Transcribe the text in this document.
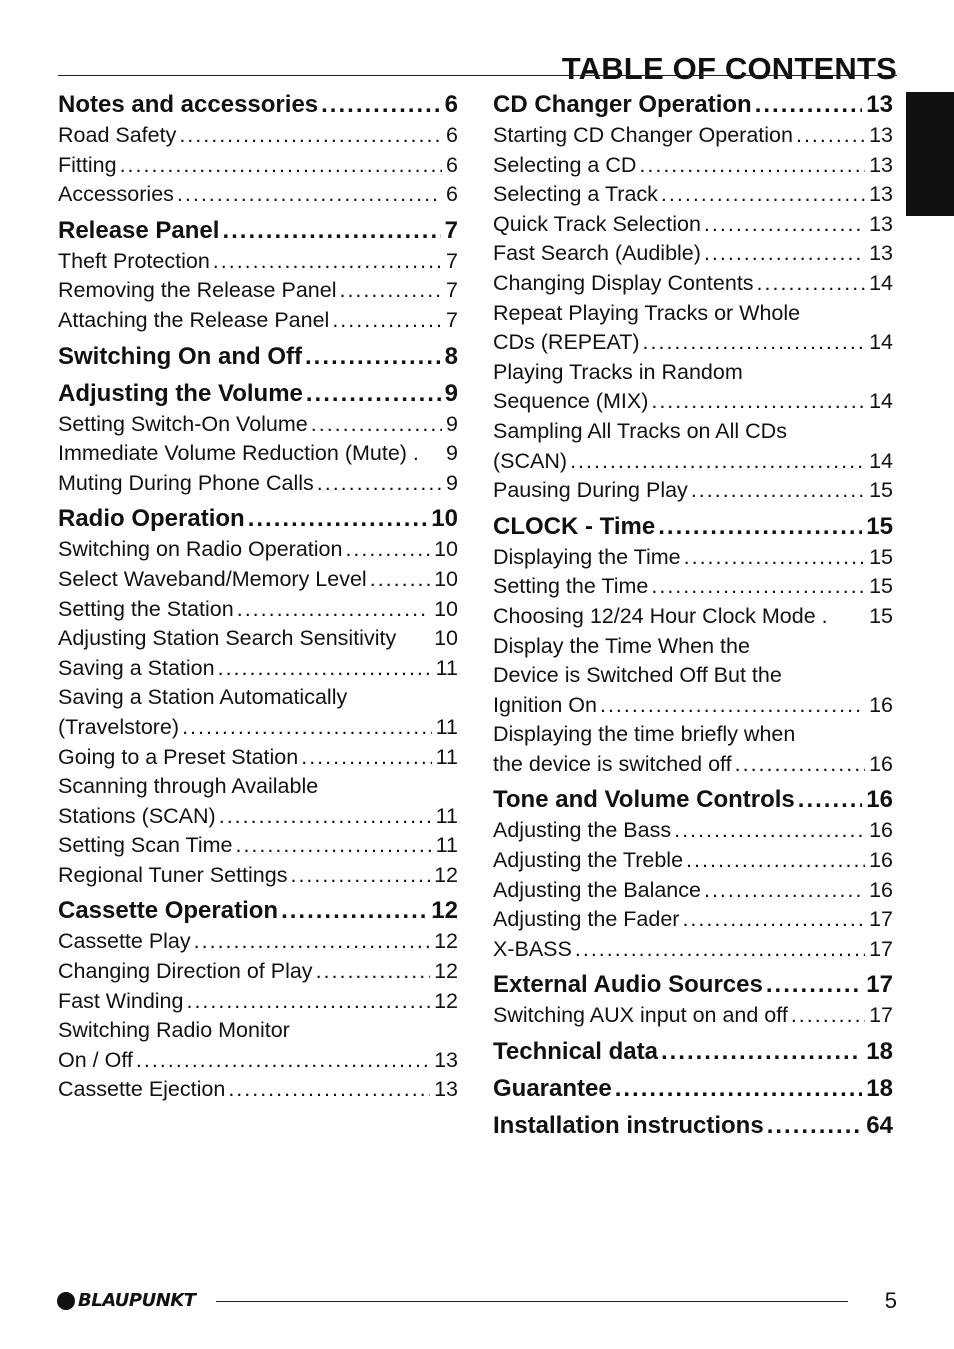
TABLE OF CONTENTS
Notes and accessories .....	6
Road Safety .....	6
Fitting .....	6
Accessories .....	6
Release Panel .....	7
Theft Protection .....	7
Removing the Release Panel .....	7
Attaching the Release Panel .....	7
Switching On and Off .....	8
Adjusting the Volume .....	9
Setting Switch-On Volume .....	9
Immediate Volume Reduction (Mute) .	9
Muting During Phone Calls .....	9
Radio Operation .....	10
Switching on Radio Operation .....	10
Select Waveband/Memory Level .....	10
Setting the Station .....	10
Adjusting Station Search Sensitivity	10
Saving a Station .....	11
Saving a Station Automatically
(Travelstore) .....	11
Going to a Preset Station .....	11
Scanning through Available
Stations (SCAN) .....	11
Setting Scan Time .....	11
Regional Tuner Settings .....	12
Cassette Operation .....	12
Cassette Play .....	12
Changing Direction of Play .....	12
Fast Winding .....	12
Switching Radio Monitor
On / Off .....	13
Cassette Ejection .....	13
CD Changer Operation .....	13
Starting CD Changer Operation .....	13
Selecting a CD .....	13
Selecting a Track .....	13
Quick Track Selection .....	13
Fast Search (Audible) .....	13
Changing Display Contents .....	14
Repeat Playing Tracks or Whole
CDs (REPEAT) .....	14
Playing Tracks in Random
Sequence (MIX) .....	14
Sampling All Tracks on All CDs
(SCAN) .....	14
Pausing During Play .....	15
CLOCK - Time .....	15
Displaying the Time .....	15
Setting the Time .....	15
Choosing 12/24 Hour Clock Mode .	15
Display the Time When the
Device is Switched Off But the
Ignition On .....	16
Displaying the time briefly when
the device is switched off .....	16
Tone and Volume Controls .....	16
Adjusting the Bass .....	16
Adjusting the Treble .....	16
Adjusting the Balance .....	16
Adjusting the Fader .....	17
X-BASS .....	17
External Audio Sources .....	17
Switching AUX input on and off .....	17
Technical data .....	18
Guarantee .....	18
Installation instructions .....	64
BLAUPUNKT	5
